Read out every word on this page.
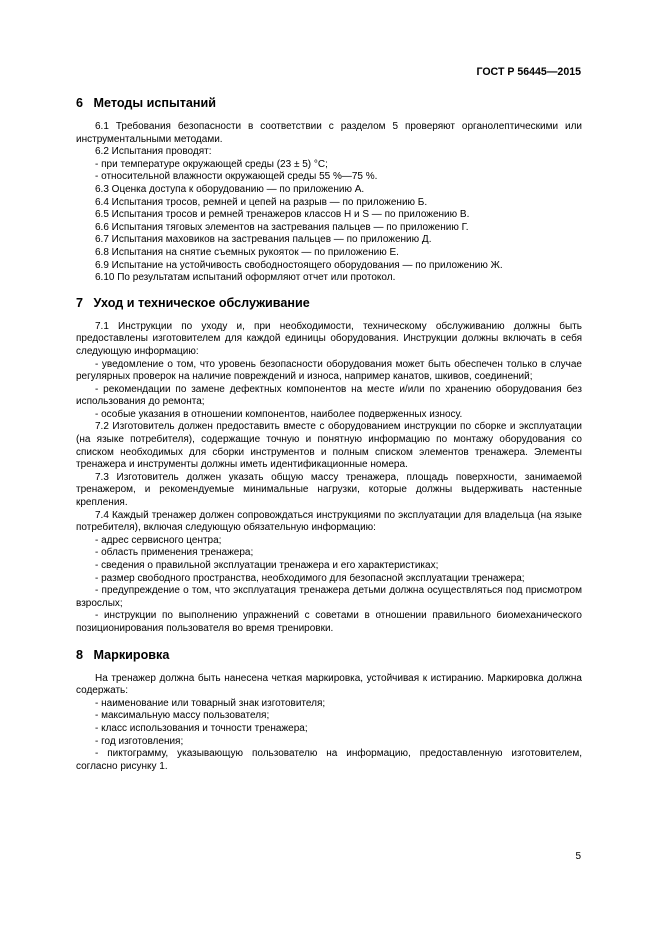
ГОСТ Р 56445—2015
6 Методы испытаний

6.1 Требования безопасности в соответствии с разделом 5 проверяют органолептическими или инструментальными методами.

6.2 Испытания проводят:

- при температуре окружающей среды (23 ± 5) °С;

- относительной влажности окружающей среды 55 %—75 %.

6.3 Оценка доступа к оборудованию — по приложению А.

6.4 Испытания тросов, ремней и цепей на разрыв — по приложению Б.

6.5 Испытания тросов и ремней тренажеров классов H и S — по приложению В.

6.6 Испытания тяговых элементов на застревания пальцев — по приложению Г.

6.7 Испытания маховиков на застревания пальцев — по приложению Д.

6.8 Испытания на снятие съемных рукояток — по приложению Е.

6.9 Испытание на устойчивость свободностоящего оборудования — по приложению Ж.

6.10 По результатам испытаний оформляют отчет или протокол.

7 Уход и техническое обслуживание

7.1 Инструкции по уходу и, при необходимости, техническому обслуживанию должны быть предоставлены изготовителем для каждой единицы оборудования. Инструкции должны включать в себя следующую информацию:

- уведомление о том, что уровень безопасности оборудования может быть обеспечен только в случае регулярных проверок на наличие повреждений и износа, например канатов, шкивов, соединений;

- рекомендации по замене дефектных компонентов на месте и/или по хранению оборудования без использования до ремонта;

- особые указания в отношении компонентов, наиболее подверженных износу.

7.2 Изготовитель должен предоставить вместе с оборудованием инструкции по сборке и эксплуатации (на языке потребителя), содержащие точную и понятную информацию по монтажу оборудования со списком необходимых для сборки инструментов и полным списком элементов тренажера. Элементы тренажера и инструменты должны иметь идентификационные номера.

7.3 Изготовитель должен указать общую массу тренажера, площадь поверхности, занимаемой тренажером, и рекомендуемые минимальные нагрузки, которые должны выдерживать настенные крепления.

7.4 Каждый тренажер должен сопровождаться инструкциями по эксплуатации для владельца (на языке потребителя), включая следующую обязательную информацию:

- адрес сервисного центра;

- область применения тренажера;

- сведения о правильной эксплуатации тренажера и его характеристиках;

- размер свободного пространства, необходимого для безопасной эксплуатации тренажера;

- предупреждение о том, что эксплуатация тренажера детьми должна осуществляться под присмотром взрослых;

- инструкции по выполнению упражнений с советами в отношении правильного биомеханического позиционирования пользователя во время тренировки.

8 Маркировка

На тренажер должна быть нанесена четкая маркировка, устойчивая к истиранию. Маркировка должна содержать:

- наименование или товарный знак изготовителя;

- максимальную массу пользователя;

- класс использования и точности тренажера;

- год изготовления;

- пиктограмму, указывающую пользователю на информацию, предоставленную изготовителем, согласно рисунку 1.

5
